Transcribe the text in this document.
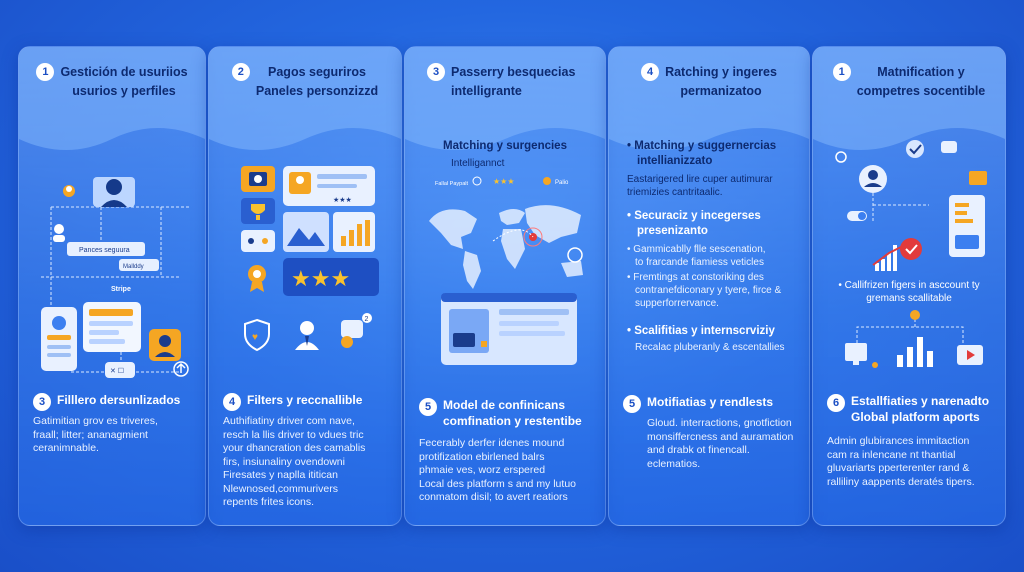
1 Gestición de usuriios
usurios y perfiles
Pances seguura
Mallddy
Stripe
✕ ☐
3 Filllero dersunlizados
Gatimitian grov es triveres,
fraall; litter; ananagmient
ceranimnable.
2	Pagos seguriros
Paneles personzizzd
★★★
★★★
♥
2
4 Filters y reccnallible
Authifiatiny driver com nave,
resch la llis driver to vdues tric
your dhancration des camablis
firs, insiunaliny ovendowni
Firesates y naplla ititican
Nlewnosed,commurivers
repents frites icons.
3 Passerry besquecias
intelligrante
Matching y surgencies
Intelligannct
Fallal Paypalt	★★★	Palio
5 Model de confinicans
comfination y restentibe
Fecerably derfer idenes mound
protifization ebirlened balrs
phmaie ves, worz erspered
Local des platform s and my lutuo
conmatom disil; to avert reatiors
4 Ratching y ingeres
permanizatoo
• Matching y suggernercias
intellianizzato
Eastarigered lire cuper autimurar
triemizies cantritaalic.
• Securaciz y incegerses
presenizanto
• Gammicablly flle sescenation,
to frarcande fiamiess veticles
• Fremtings at constoriking des
contranefdiconary y tyere, firce &
supperforrervance.
• Scalifitias y internscrviziy
Recalac pluberanly & escentallies
5 Motifiatias y rendlests
Gloud. interractions, gnotfiction
monsiffercness and auramation
and drabk ot finencall.
eclematios.
1	Matnification y
competres socentible
• Callifrizen figers in asccount ty
gremans scallitable
6 Estallfiaties y narenadto
Global platform aports
Admin glubirances immitaction
cam ra inlencane nt thantial
gluvariarts pperterenter rand &
ralliliny aappents deratés tipers.
